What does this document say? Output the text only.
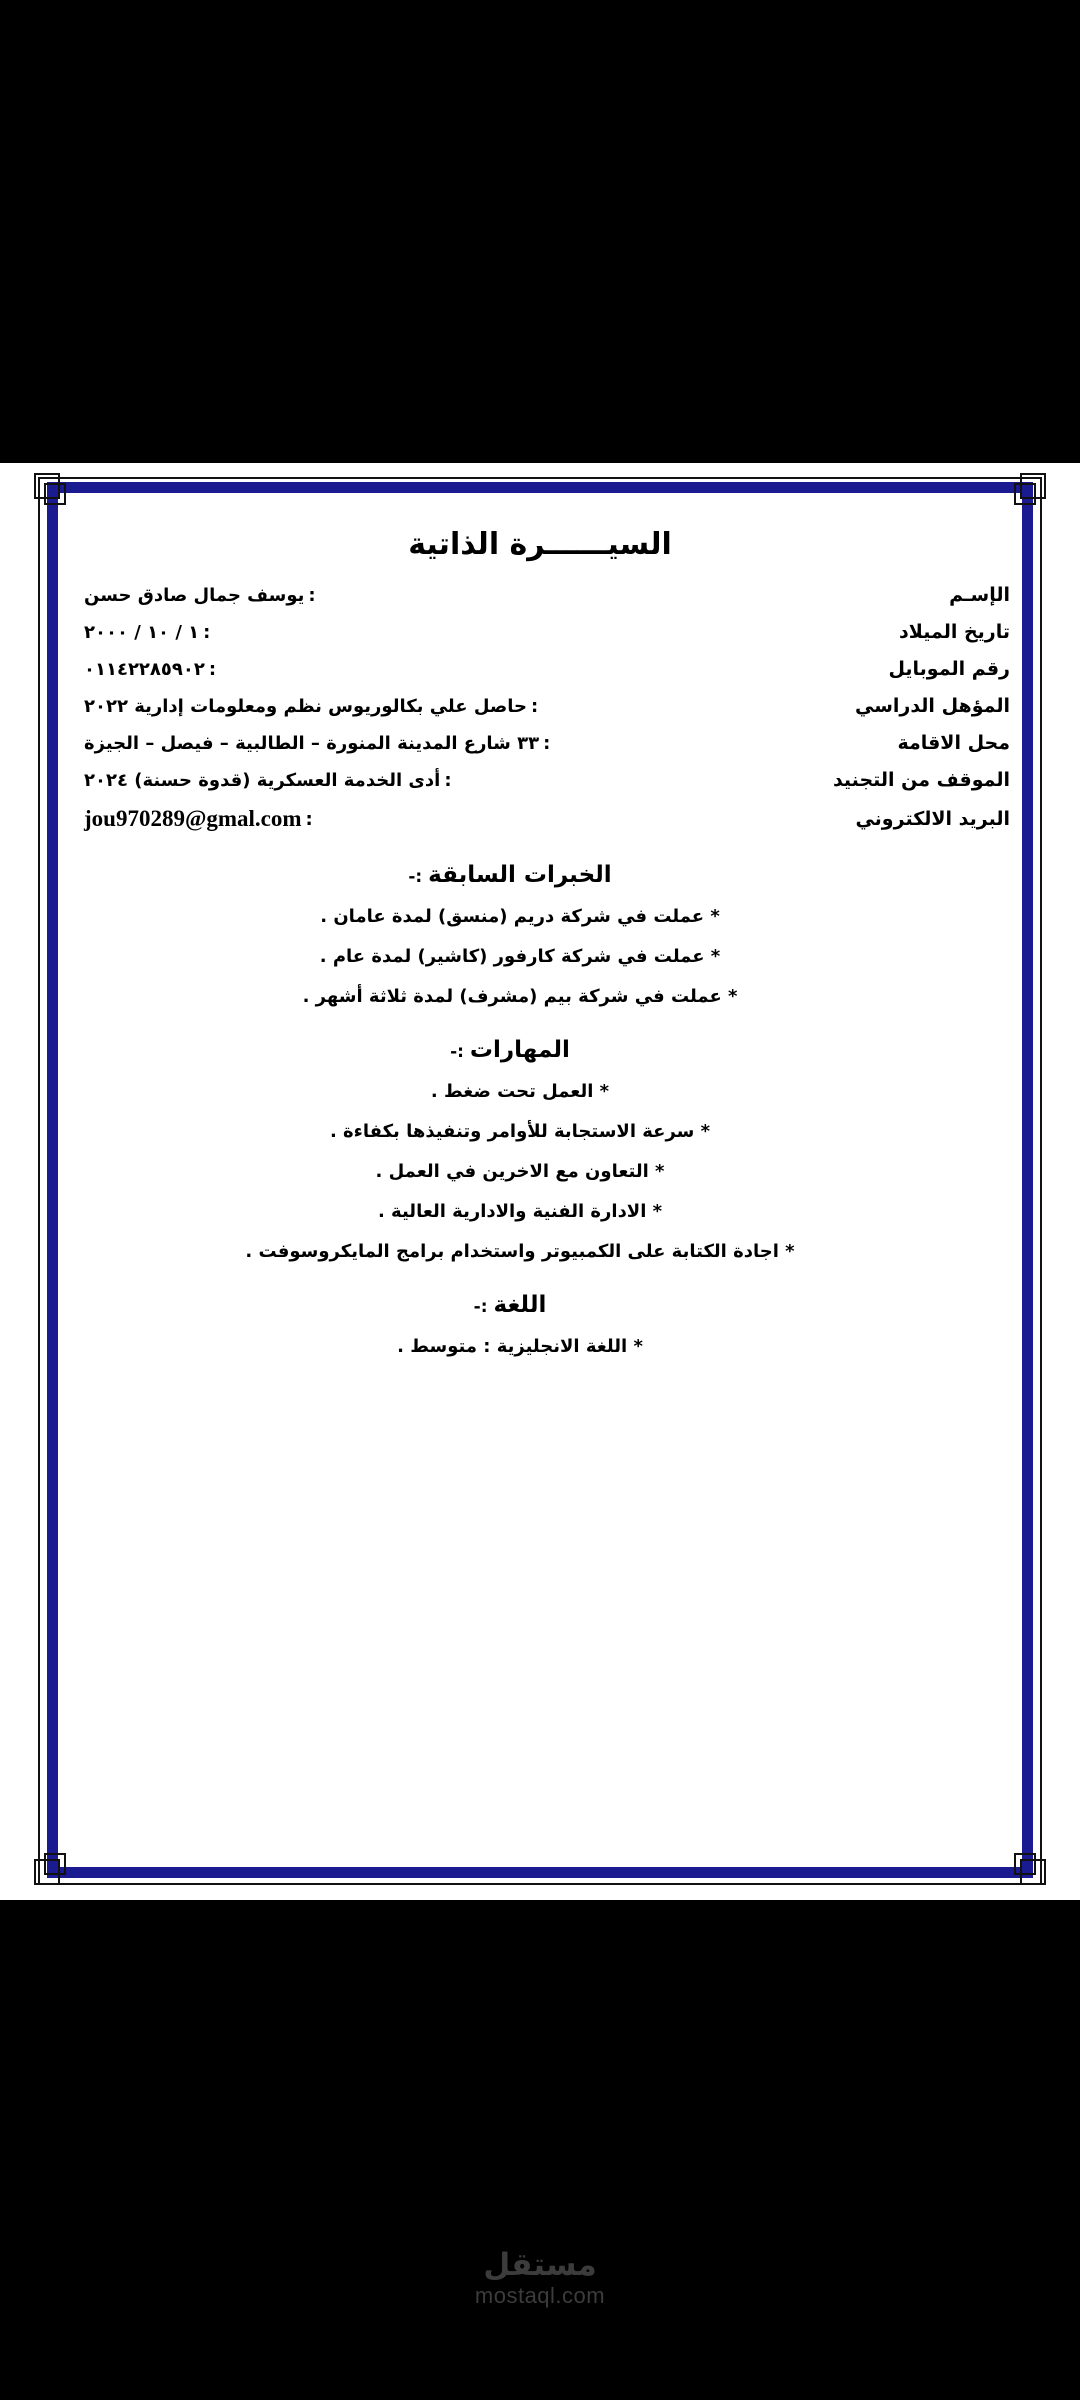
السيــــــرة الذاتية
الإسـم
:يوسف جمال صادق حسن
تاريخ الميلاد
:١ / ١٠ / ٢٠٠٠
رقم الموبايل
:٠١١٤٢٢٨٥٩٠٢
المؤهل الدراسي
:حاصل علي بكالوريوس نظم ومعلومات إدارية ٢٠٢٢
محل الاقامة
:٣٣ شارع المدينة المنورة – الطالبية – فيصل – الجيزة
الموقف من التجنيد
:أدى الخدمة العسكرية (قدوة حسنة) ٢٠٢٤
البريد الالكتروني
:jou970289@gmal.com
الخبرات السابقة:-
* عملت في شركة دريم (منسق) لمدة عامان .
* عملت في شركة كارفور (كاشير) لمدة عام .
* عملت في شركة بيم (مشرف) لمدة ثلاثة أشهر .
المهارات:-
* العمل تحت ضغط .
* سرعة الاستجابة للأوامر وتنفيذها بكفاءة .
* التعاون مع الاخرين في العمل .
* الادارة الفنية والادارية العالية .
* اجادة الكتابة على الكمبيوتر واستخدام برامج المايكروسوفت .
اللغة:-
* اللغة الانجليزية : متوسط .
مستقل
mostaql.com
